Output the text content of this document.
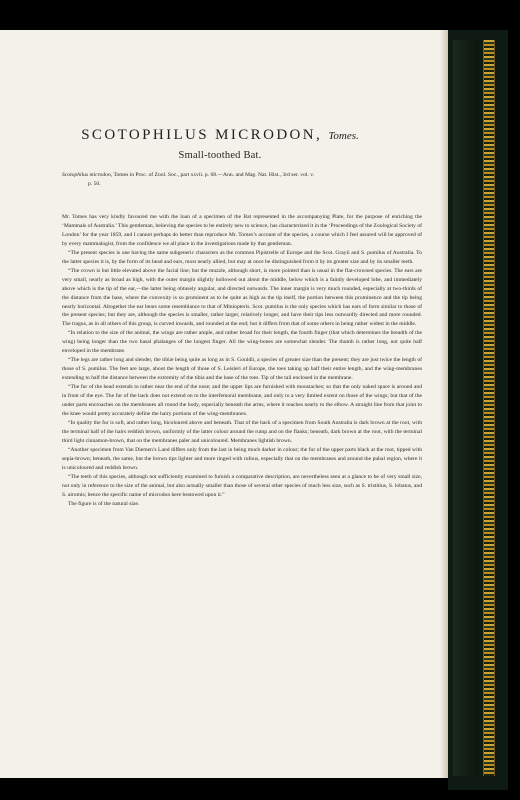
SCOTOPHILUS MICRODON, Tomes.
Small-toothed Bat.
Scotophilus microdon, Tomes in Proc. of Zool. Soc., part xxvii. p. 68.—Ann. and Mag. Nat. Hist., 3rd ser. vol. v.
p. 50.

Mr. Tomes has very kindly favoured me with the loan of a specimen of the Bat represented in the accompanying Plate, for the purpose of enriching the ‘Mammals of Australia.’ This gentleman, believing the species to be entirely new to science, has characterized it in the ‘Proceedings of the Zoological Society of London’ for the year 1859, and I cannot perhaps do better than reproduce Mr. Tomes’s account of the species, a course which I feel assured will be approved of by every mammalogist, from the confidence we all place in the investigations made by that gentleman.

“The present species is one having the same subgeneric characters as the common Pipistrelle of Europe and the Scot. Grayii and S. pumilus of Australia. To the latter species it is, by the form of its head and ears, most nearly allied, but may at once be distinguished from it by its greater size and by its smaller teeth.

“The crown is but little elevated above the facial line; but the muzzle, although short, is more pointed than is usual in the flat-crowned species. The ears are very small, nearly as broad as high, with the outer margin slightly hollowed out about the middle, below which is a faintly developed lobe, and immediately above which is the tip of the ear,—the latter being obtusely angular, and directed outwards. The inner margin is very much rounded, especially at two-thirds of the distance from the base, where the convexity is so prominent as to be quite as high as the tip itself, the portion between this prominence and the tip being nearly horizontal. Altogether the ear bears some resemblance to that of Miniopteris. Scot. pumilus is the only species which has ears of form similar to those of the present species; but they are, although the species is smaller, rather larger, relatively longer, and have their tips less outwardly directed and more rounded. The tragus, as in all others of this group, is curved inwards, and rounded at the end; but it differs from that of some others in being rather widest in the middle.

“In relation to the size of the animal, the wings are rather ample, and rather broad for their length, the fourth finger (that which determines the breadth of the wing) being longer than the two basal phalanges of the longest finger. All the wing-bones are somewhat slender. The thumb is rather long, not quite half enveloped in the membrane.

“The legs are rather long and slender, the tibiæ being quite as long as in S. Gouldii, a species of greater size than the present; they are just twice the length of those of S. pumilus. The feet are large, about the length of those of S. Leisleri of Europe, the toes taking up half their entire length, and the wing-membranes extending to half the distance between the extremity of the tibia and the base of the toes. Tip of the tail enclosed in the membrane.

“The fur of the head extends to rather near the end of the nose; and the upper lips are furnished with moustaches; so that the only naked space is around and in front of the eye. The fur of the back does not extend on to the interfemoral membrane, and only to a very limited extent on those of the wings; but that of the under parts encroaches on the membranes all round the body, especially beneath the arms, where it reaches nearly to the elbow. A straight line from that joint to the knee would pretty accurately define the hairy portions of the wing-membranes.

“In quality the fur is soft, and rather long, bicoloured above and beneath. That of the back of a specimen from South Australia is dark brown at the root, with the terminal half of the hairs reddish brown, uniformly of the latter colour around the rump and on the flanks; beneath, dark brown at the root, with the terminal third light cinnamon-brown, that on the membranes paler and unicoloured. Membranes lightish brown.

“Another specimen from Van Diemen’s Land differs only from the last in being much darker in colour; the fur of the upper parts black at the root, tipped with sepia-brown; beneath, the same, but the brown tips lighter and more tinged with rufous, especially that on the membranes and around the pubal region, where it is unicoloured and reddish brown.

“The teeth of this species, although not sufficiently examined to furnish a comparative description, are nevertheless seen at a glance to be of very small size, not only in reference to the size of the animal, but also actually smaller than those of several other species of much less size, such as S. tristitius, S. lobatus, and S. airomis; hence the specific name of microdon here bestowed upon it.”

The figure is of the natural size.
